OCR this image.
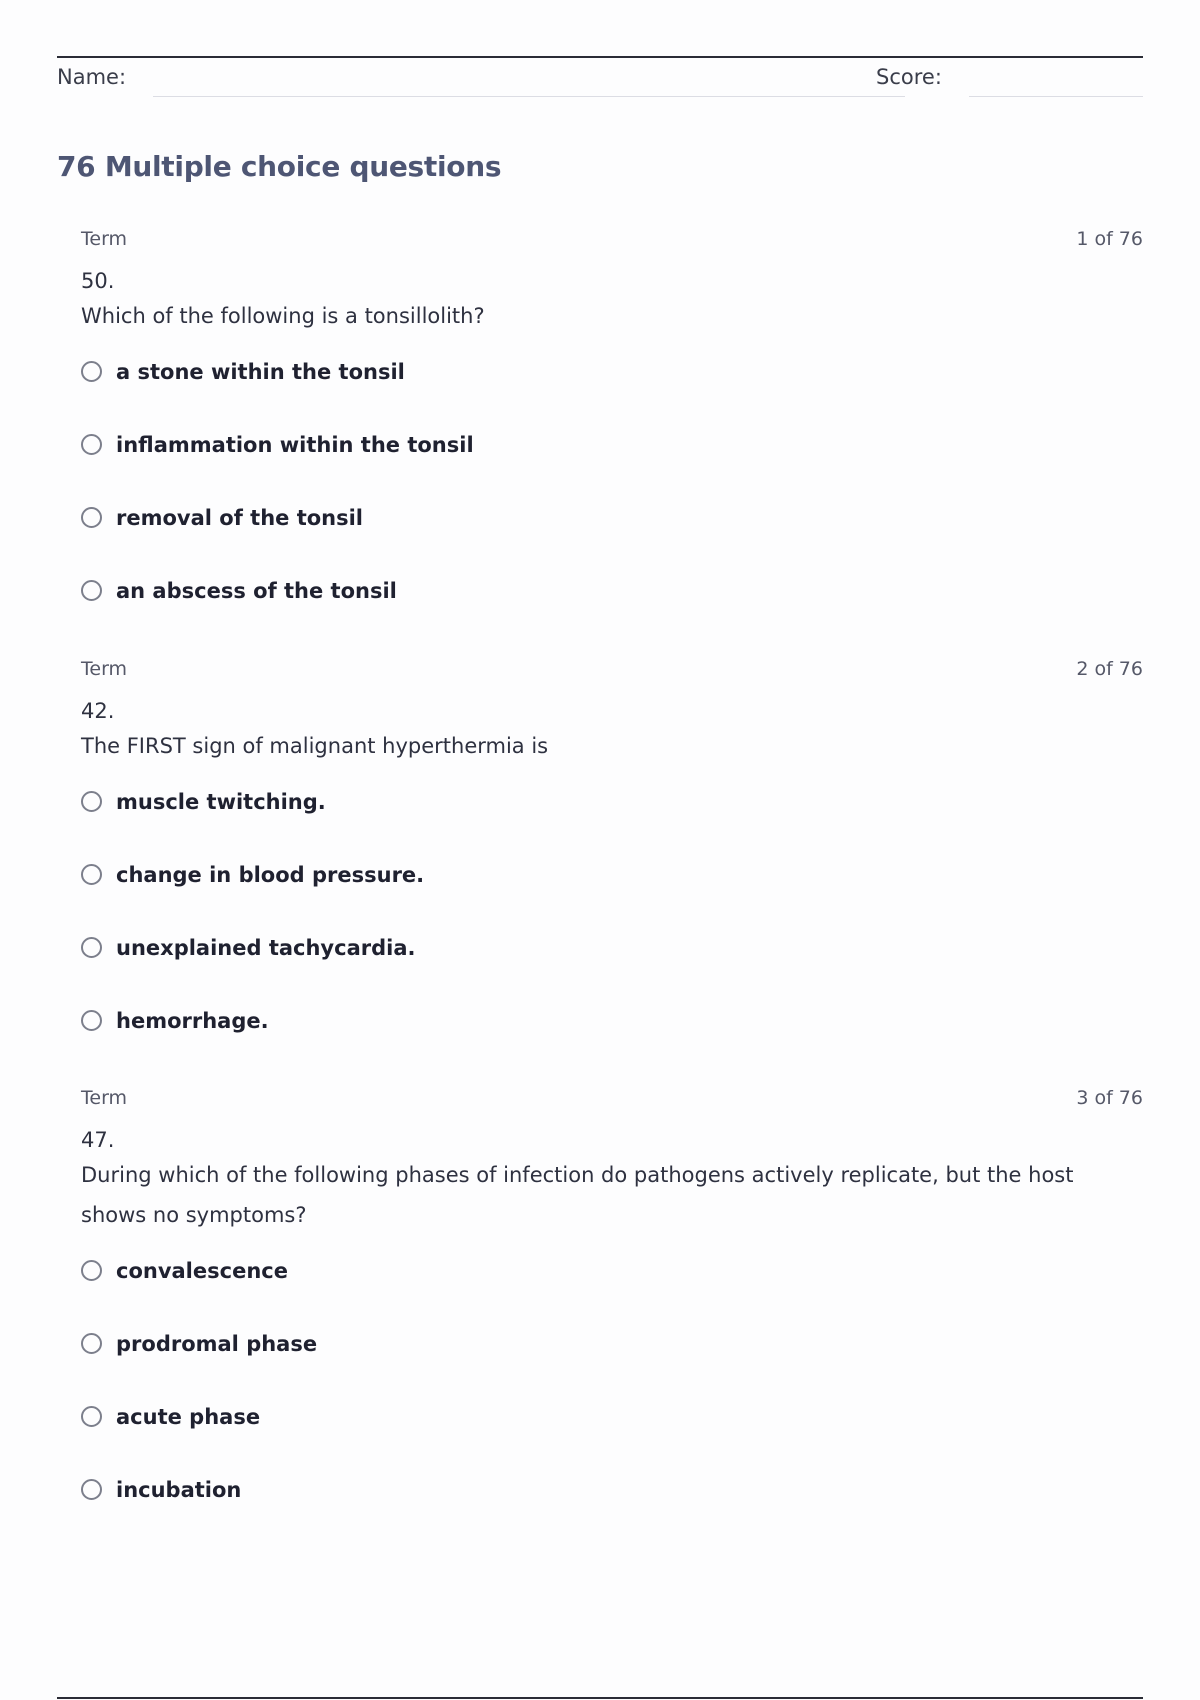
Name:	Score:
76 Multiple choice questions
Term	1 of 76
50.
Which of the following is a tonsillolith?
a stone within the tonsil
inflammation within the tonsil
removal of the tonsil
an abscess of the tonsil
Term	2 of 76
42.
The FIRST sign of malignant hyperthermia is
muscle twitching.
change in blood pressure.
unexplained tachycardia.
hemorrhage.
Term	3 of 76
47.
During which of the following phases of infection do pathogens actively replicate, but the host shows no symptoms?
convalescence
prodromal phase
acute phase
incubation
